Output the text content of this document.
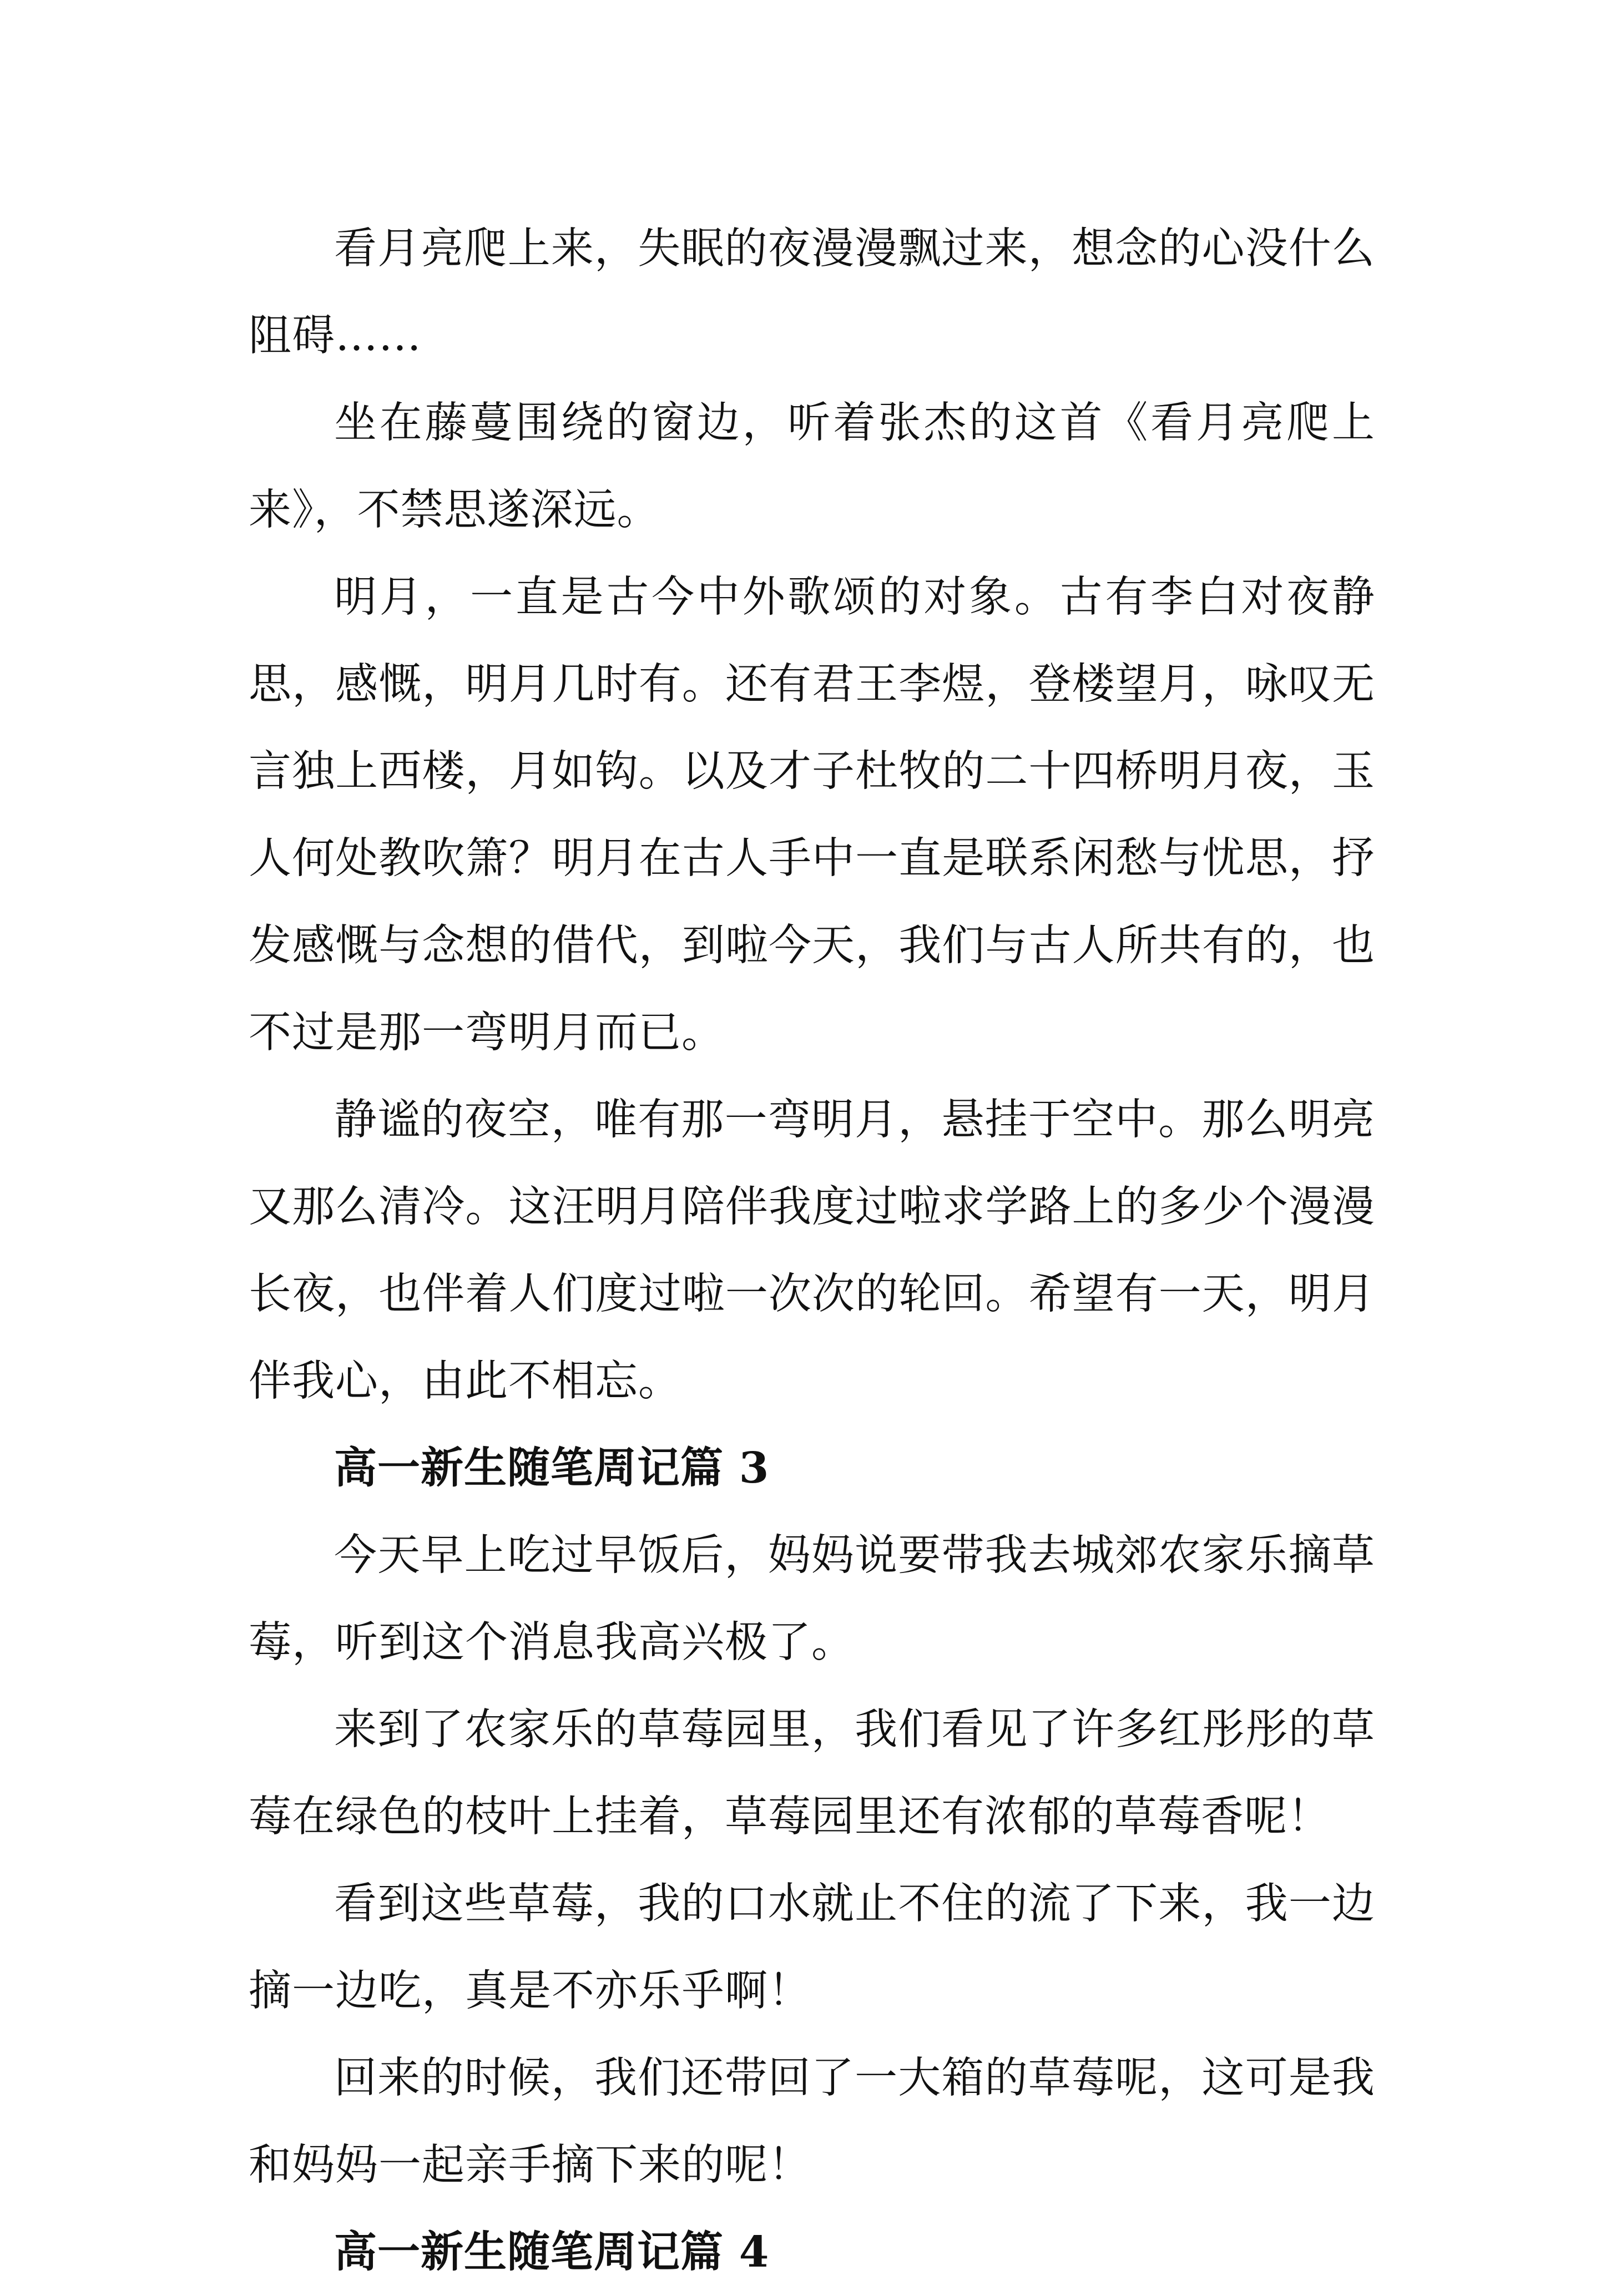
看月亮爬上来，失眠的夜漫漫飘过来，想念的心没什么阻碍……

坐在藤蔓围绕的窗边，听着张杰的这首《看月亮爬上来》，不禁思遂深远。

明月，一直是古今中外歌颂的对象。古有李白对夜静思，感慨，明月几时有。还有君王李煜，登楼望月，咏叹无言独上西楼，月如钩。以及才子杜牧的二十四桥明月夜，玉人何处教吹箫？明月在古人手中一直是联系闲愁与忧思，抒发感慨与念想的借代，到啦今天，我们与古人所共有的，也不过是那一弯明月而已。

静谧的夜空，唯有那一弯明月，悬挂于空中。那么明亮又那么清冷。这汪明月陪伴我度过啦求学路上的多少个漫漫长夜，也伴着人们度过啦一次次的轮回。希望有一天，明月伴我心，由此不相忘。

高一新生随笔周记篇 3

今天早上吃过早饭后，妈妈说要带我去城郊农家乐摘草莓，听到这个消息我高兴极了。

来到了农家乐的草莓园里，我们看见了许多红彤彤的草莓在绿色的枝叶上挂着，草莓园里还有浓郁的草莓香呢！

看到这些草莓，我的口水就止不住的流了下来，我一边摘一边吃，真是不亦乐乎啊！

回来的时候，我们还带回了一大箱的草莓呢，这可是我和妈妈一起亲手摘下来的呢！

高一新生随笔周记篇 4
